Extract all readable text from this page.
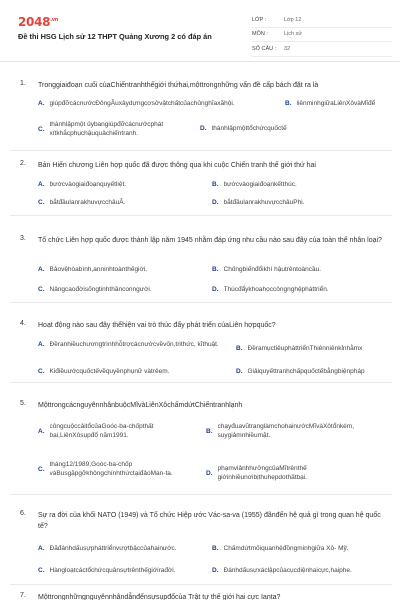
$2048^{.vn}$
Đề thi HSG Lịch sử 12 THPT Quảng Xương 2 có đáp án
LỚP :	Lớp 12
MÔN :	Lịch sử
SỐ CÂU :	32
1. Tronggiaiđoạn cuối củaChiếntranhthếgiới thứhai,mộttrongnhững vấn đề cấp bách đặt ra là
A. giúpđỡcácnướcĐôngÂuxâydựngcơsởvậtchấtcủachủnghĩaxãhội.	B. liênminhgiữaLiênXôvàMĩđể
C.
thànhlậpmột ủybangiúpđỡcácnướcphát xítkhắcphụchậuquảchiếntranh.
D. thànhlậpmộttổchứcquốctế
2. Bản Hiến chương Liên hợp quốc đã được thông qua khi cuộc Chiến tranh thế giới thứ hai
A. bướcvàogiaiđoạnquyếtliệt.	B. bướcvàogiaiđoạnkếtthúc.
C. bắtđầulanrakhuvựcchâuÂ.	D. bắtđầulanrakhuvựcchâuPhi.
3. Tổ chức Liên hợp quốc được thành lập năm 1945 nhằm đáp ứng nhu cầu nào sau đây của toàn thể nhân loại?
A. Bảovệhòabình,anninhtoànthếgiới.	B. Chốngbiếnđổikhí hậutrêntoàncầu.
C. Nângcaođờisốngtinhthầnconngười.	D. Thúcđẩykhoahọccôngnghệpháttriển.
4. Hoạt động nào sau đây thểhiện vai trò thúc đẩy phát triển củaLiên hợpquốc?
A. Đềranhiềuchươngtrìnhhỗtrợcácnướcvềvốn,trithức, kĩthuật.
B. ĐềramụctiêupháttriểnThiênniênkỉnhằmx
C. Kiđiềuướcquốctếvềquyềnphụnữ vàtrẻem.	D. Giảiquyếttranhchấpquốctếbằngbiệnpháp
5. MộttrongcácnguyênnhânbuộcMĩvàLiênXôchấmdứtChiếntranhlạnh
A.
côngcuộccảitổcủaGoóc-ba-chốpthất bại,LiênXôsụpđổ năm1991.
B.
chạyđuavũtranglàmchohainướcMĩvàXôtổnkém, suygiảmnhiềumặt.
C.
tháng12/1989,Goóc-ba-chốp vàBusgặpgỡkhôngchínhthứctạiđảoMan-ta.	D.
phạmviảnhhưởngcủaMĩtrênthế giớinhiềunơibịthuhẹpdothấtbại.
6. Sự ra đời của khối NATO (1949) và Tổ chức Hiệp ước Vác-sa-va (1955) đãnđến hệ quả gì trong quan hệ quốc tế?
A. Đãđánhdấusựpháttriểnvượtbậccủahainước.	B. Chấmdứtmốiquanhệđồngminhgiữa Xô- Mỹ.
C. Hàngloạtcáctổchứcquânsựtrênthếgiớirađời.	D. Đánhdấusựxáclậpcủacụcdiệnhaicực,haiphe.
7. Mộttrongnhữngnguyênnhândẫnđếnsựsụpđổcủa Trật tự thế giới hai cực Ianta?
